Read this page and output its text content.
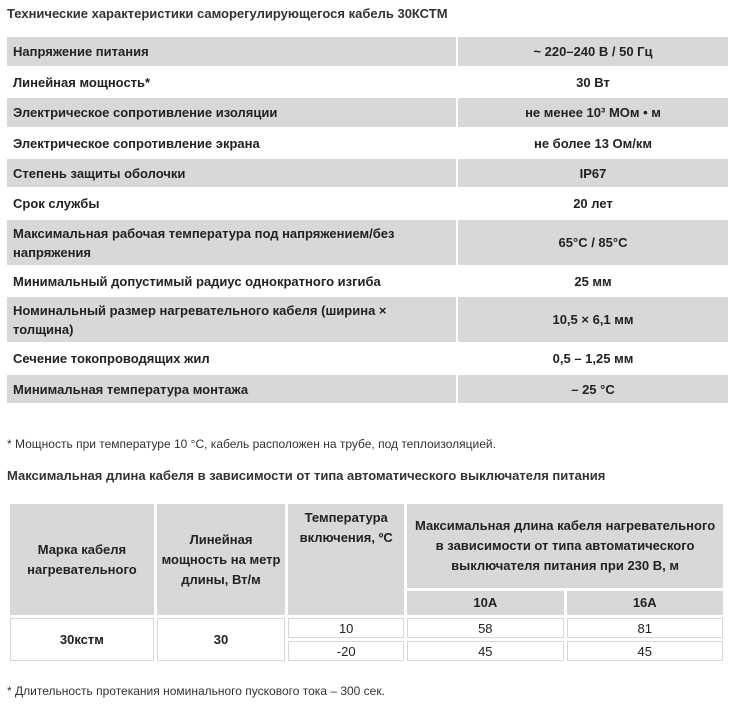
Технические характеристики саморегулирующегося кабель 30КСТМ
Напряжение питания	~ 220–240 В / 50 Гц
Линейная мощность*	30 Вт
Электрическое сопротивление изоляции	не менее 10³ МОм • м
Электрическое сопротивление экрана	не более 13 Ом/км
Степень защиты оболочки	IP67
Срок службы	20 лет
Максимальная рабочая температура под напряжением/без напряжения	65°C / 85°C
Минимальный допустимый радиус однократного изгиба	25 мм
Номинальный размер нагревательного кабеля (ширина × толщина)	10,5 × 6,1 мм
Сечение токопроводящих жил	0,5 – 1,25 мм
Минимальная температура монтажа	– 25 °C
* Мощность при температуре 10 °С, кабель расположен на трубе, под теплоизоляцией.
Максимальная длина кабеля в зависимости от типа автоматического выключателя питания
Марка кабеля нагревательного	Линейная мощность на метр длины, Вт/м	Температура включения, ºС	Максимальная длина кабеля нагревательного в зависимости от типа автоматического выключателя питания при 230 В, м	
			10А	16А
30кстм	30	10	58	81
		-20	45	45
* Длительность протекания номинального пускового тока – 300 сек.
